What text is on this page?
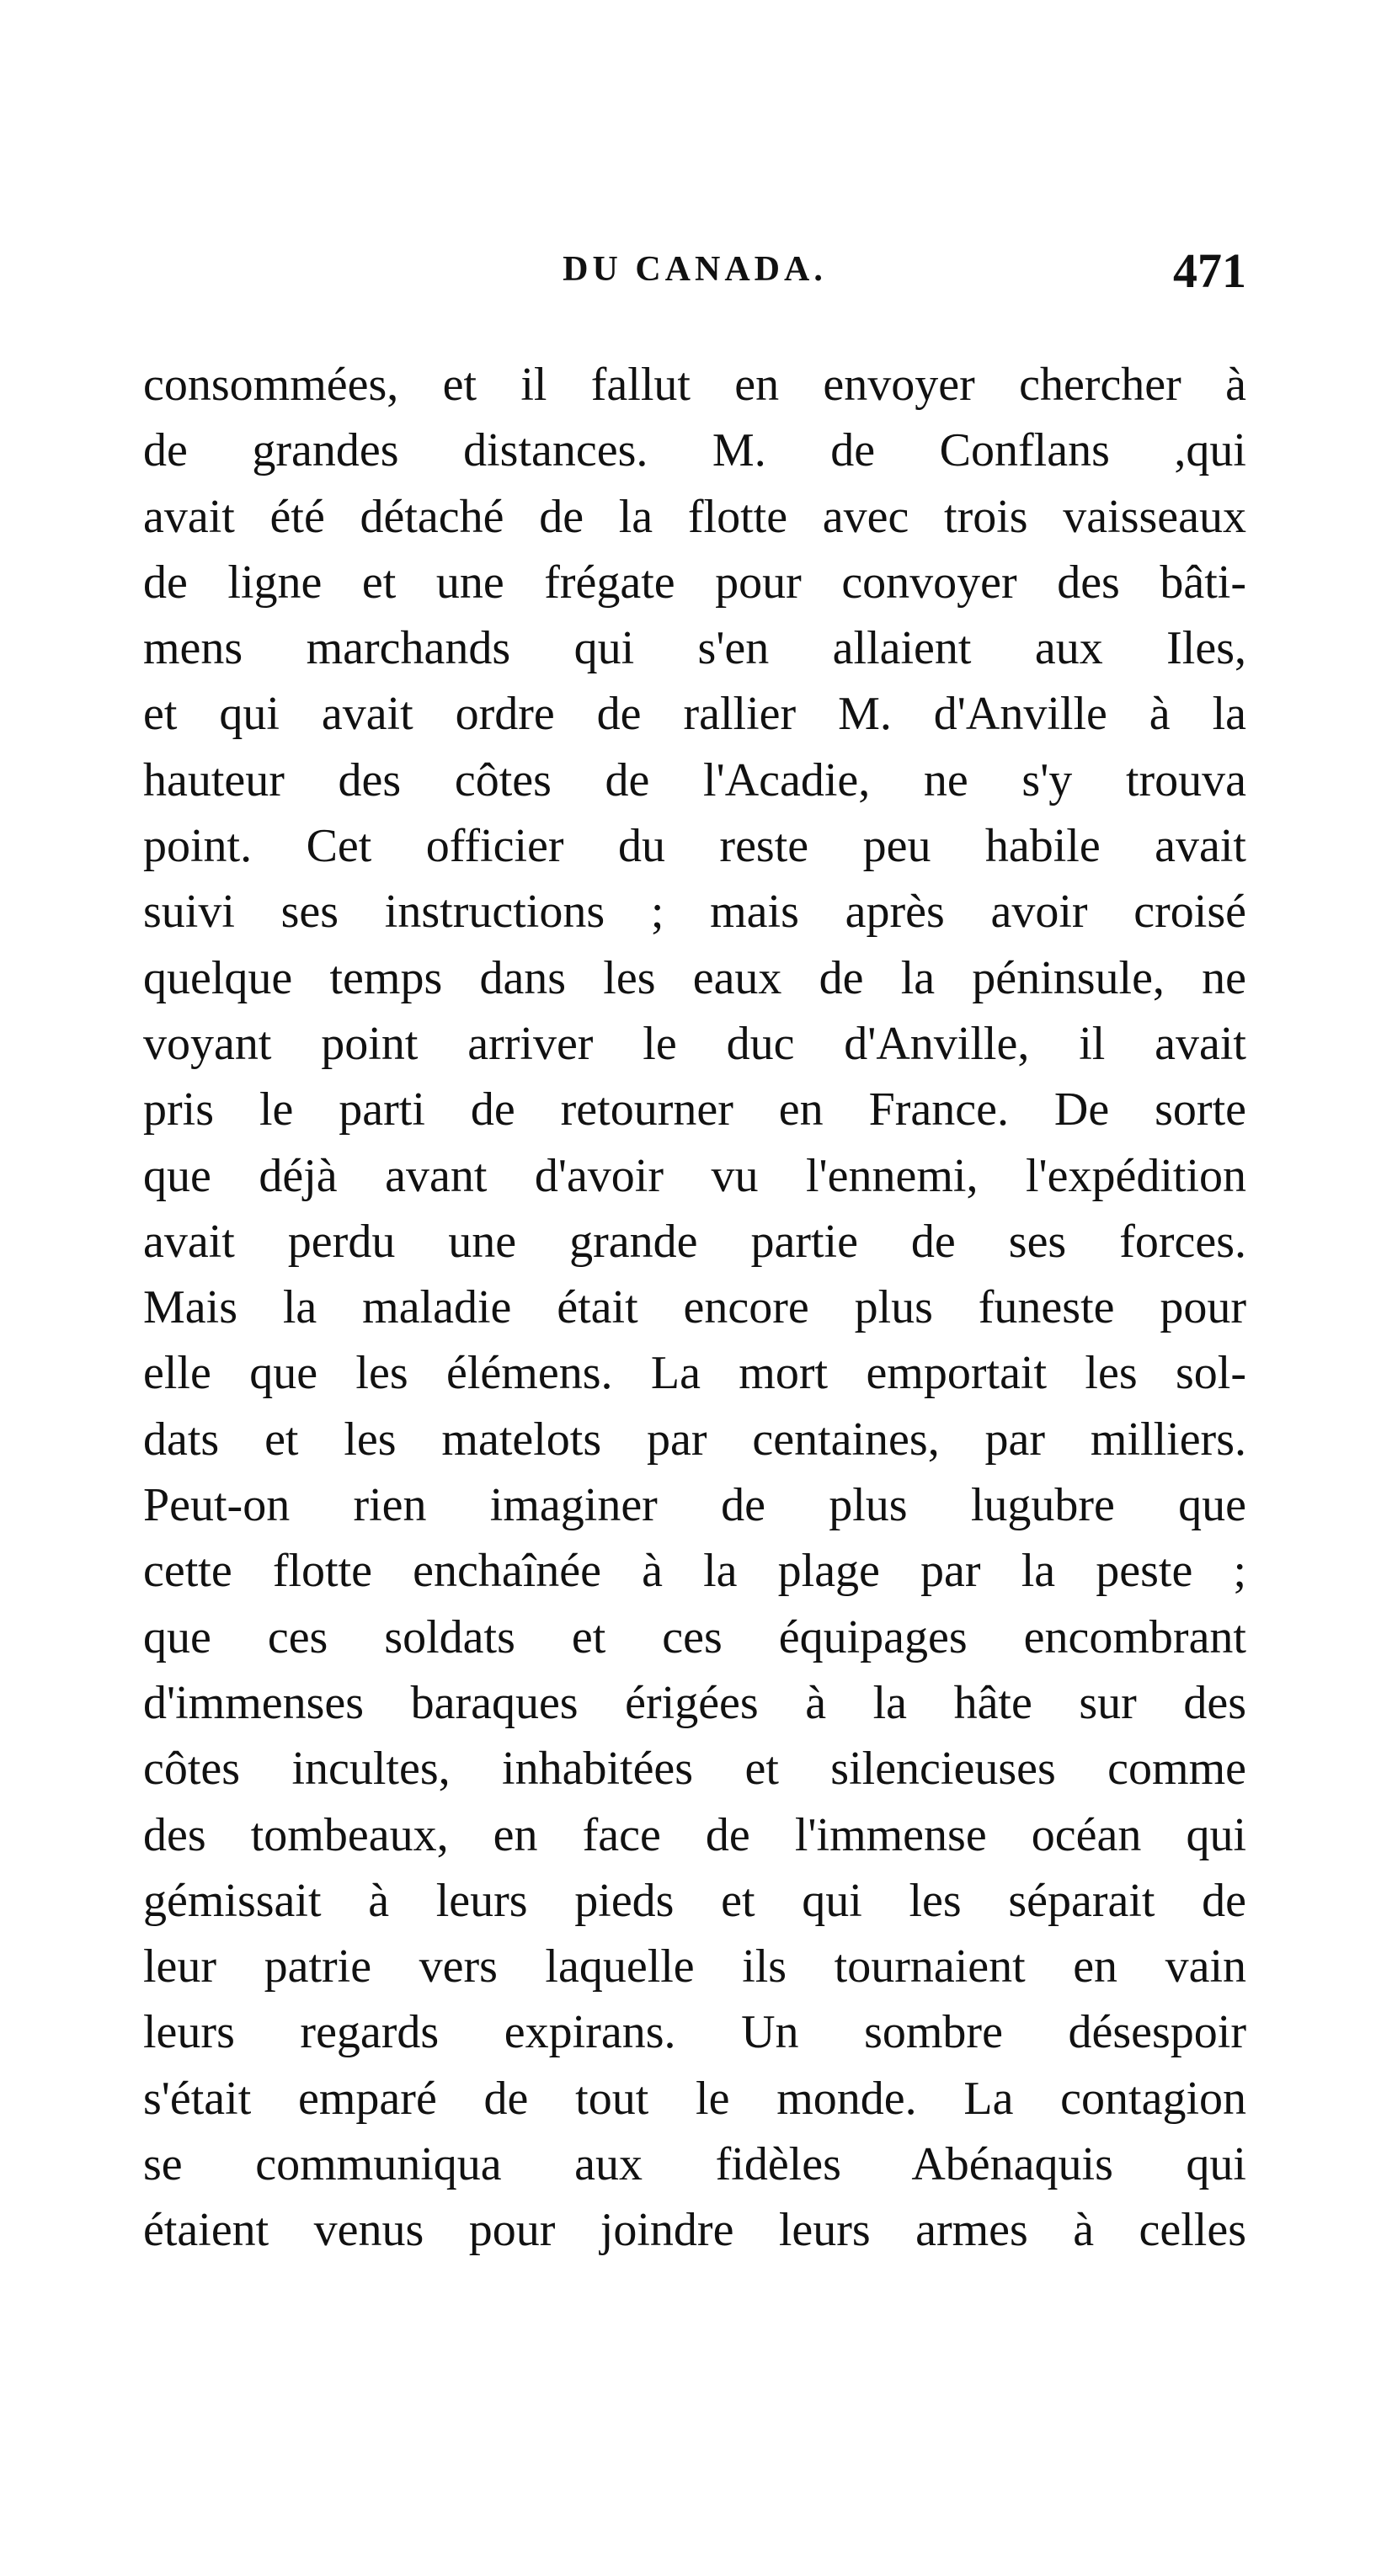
DU CANADA.	471
consommées, et il fallut en envoyer chercher à
de grandes distances. M. de Conflans ,qui
avait été détaché de la flotte avec trois vaisseaux
de ligne et une frégate pour convoyer des bâti-
mens marchands qui s'en allaient aux Iles,
et qui avait ordre de rallier M. d'Anville à la
hauteur des côtes de l'Acadie, ne s'y trouva
point. Cet officier du reste peu habile avait
suivi ses instructions ; mais après avoir croisé
quelque temps dans les eaux de la péninsule, ne
voyant point arriver le duc d'Anville, il avait
pris le parti de retourner en France. De sorte
que déjà avant d'avoir vu l'ennemi, l'expédition
avait perdu une grande partie de ses forces.
Mais la maladie était encore plus funeste pour
elle que les élémens. La mort emportait les sol-
dats et les matelots par centaines, par milliers.
Peut-on rien imaginer de plus lugubre que
cette flotte enchaînée à la plage par la peste ;
que ces soldats et ces équipages encombrant
d'immenses baraques érigées à la hâte sur des
côtes incultes, inhabitées et silencieuses comme
des tombeaux, en face de l'immense océan qui
gémissait à leurs pieds et qui les séparait de
leur patrie vers laquelle ils tournaient en vain
leurs regards expirans. Un sombre désespoir
s'était emparé de tout le monde. La contagion
se communiqua aux fidèles Abénaquis qui
étaient venus pour joindre leurs armes à celles
